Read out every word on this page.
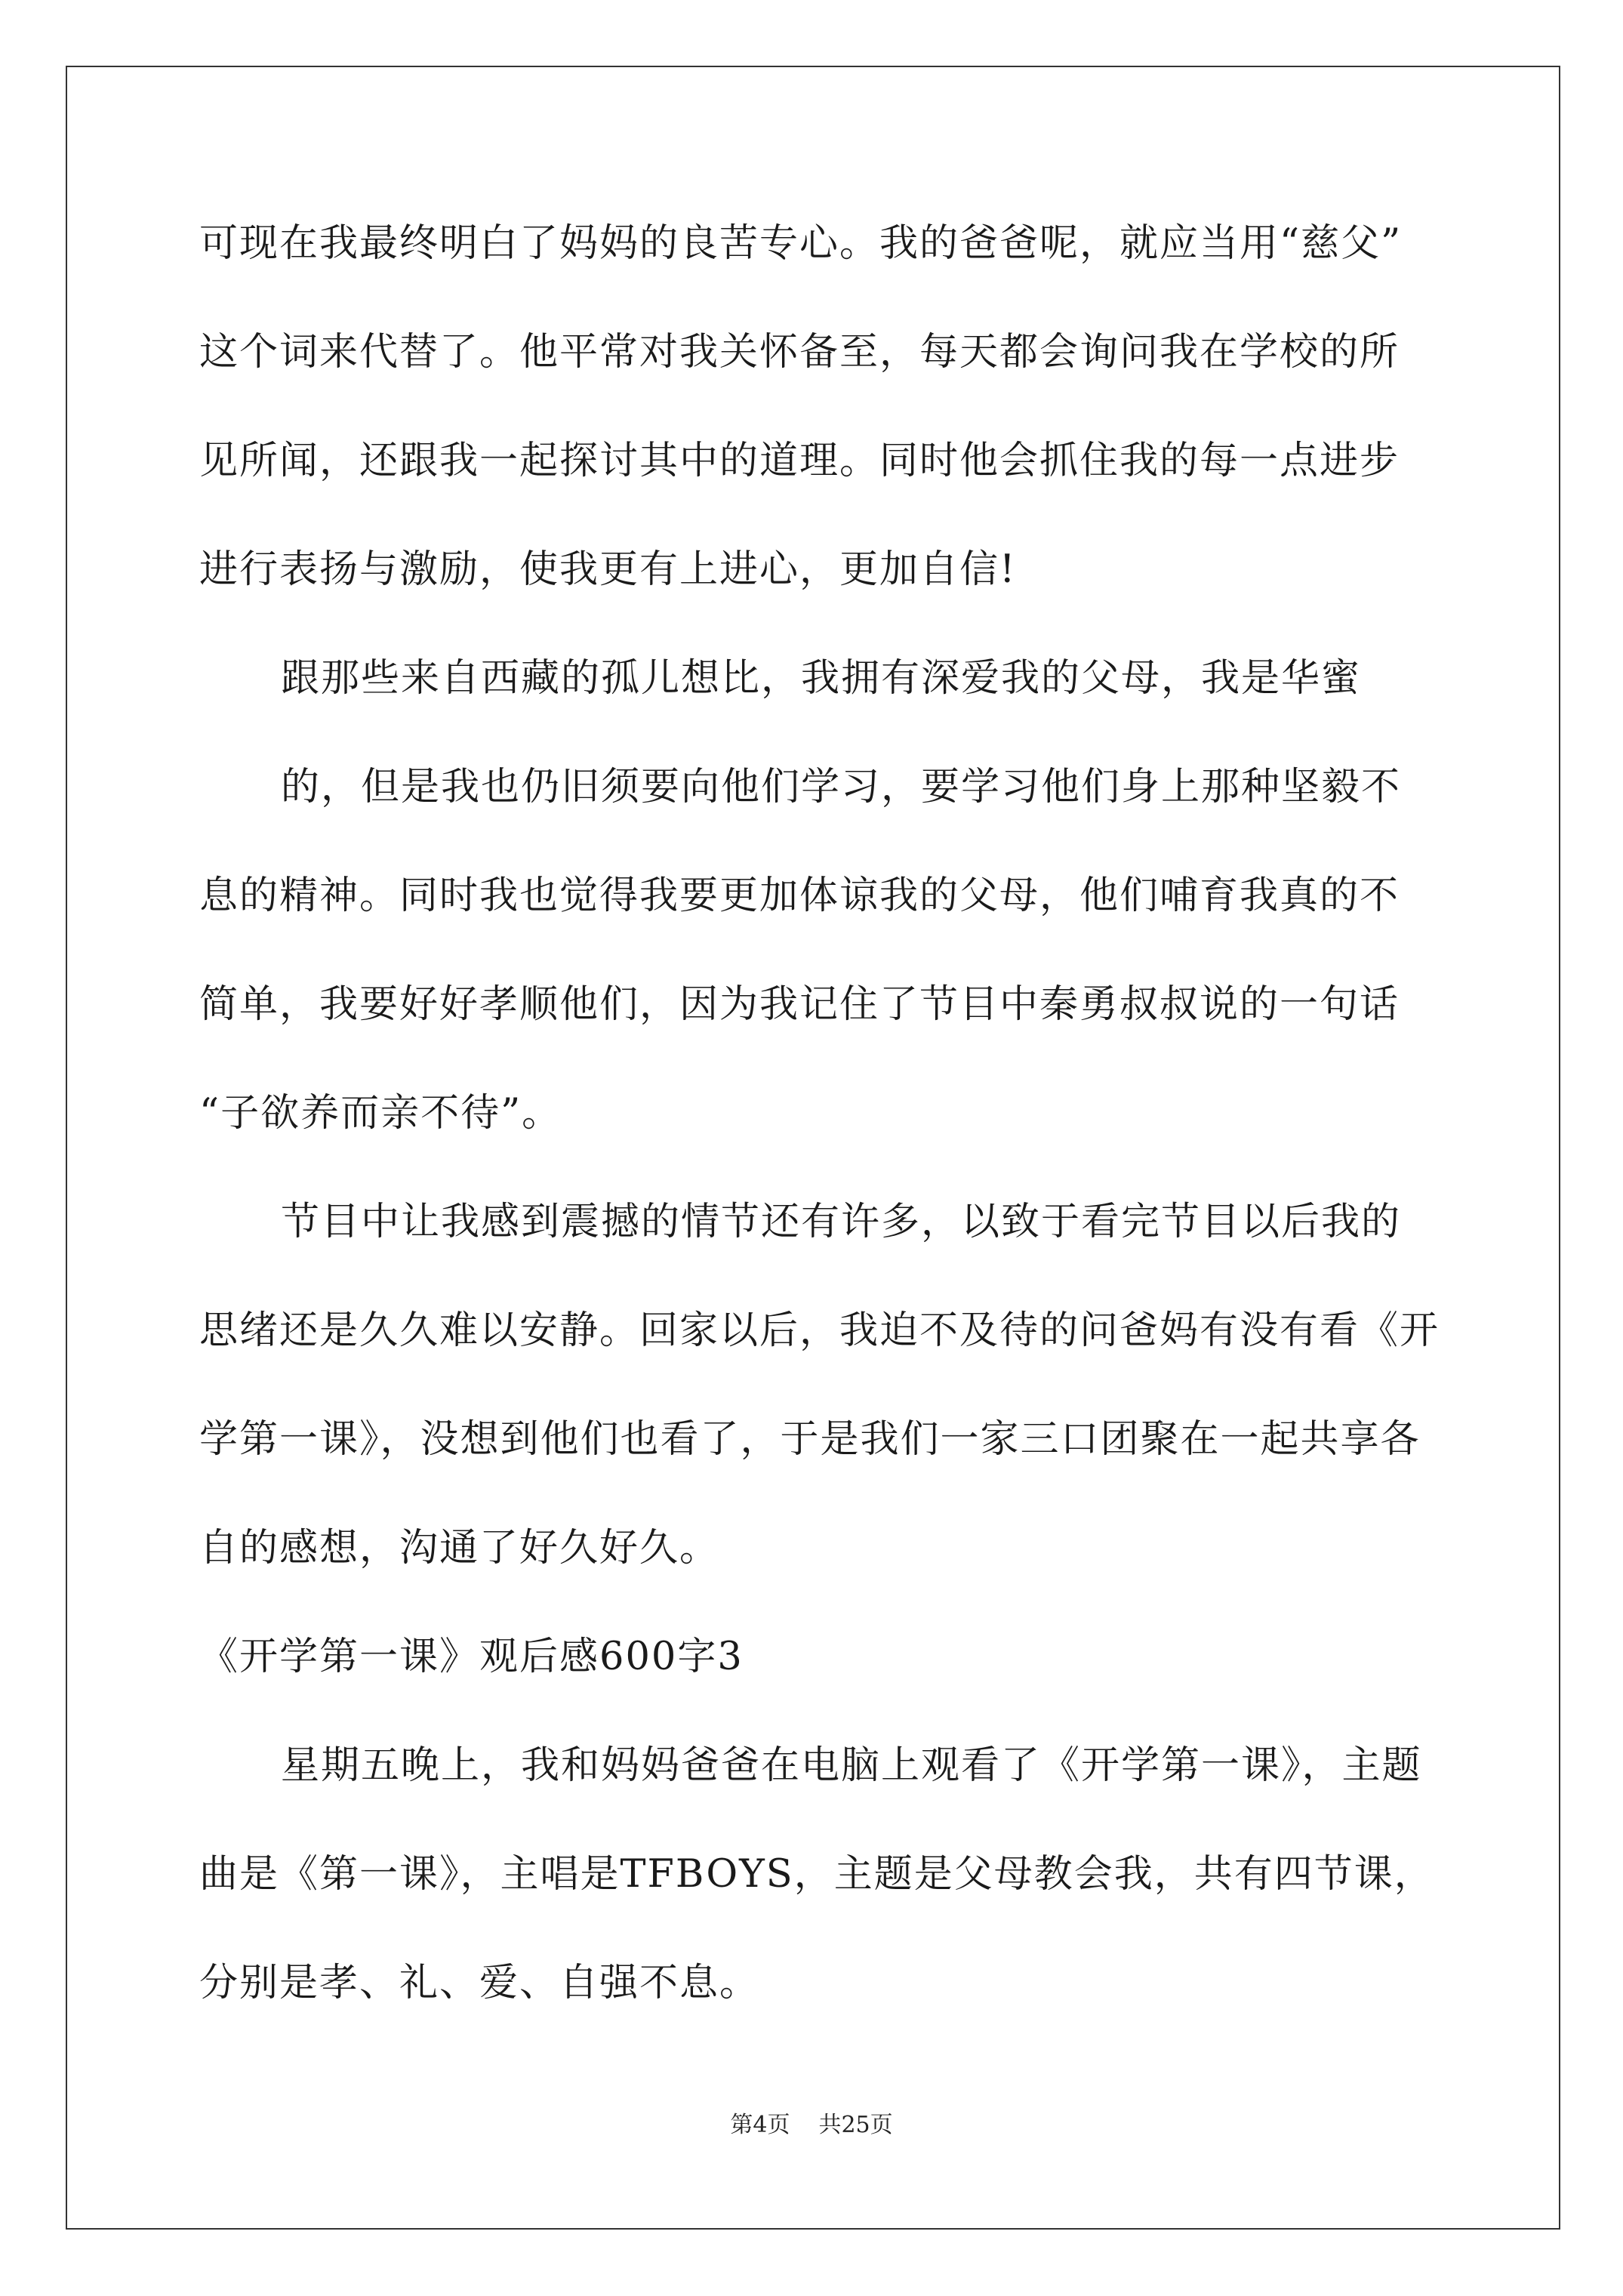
可现在我最终明白了妈妈的良苦专心。我的爸爸呢，就应当用“慈父”
这个词来代替了。他平常对我关怀备至，每天都会询问我在学校的所
见所闻，还跟我一起探讨其中的道理。同时他会抓住我的每一点进步
进行表扬与激励，使我更有上进心，更加自信!
跟那些来自西藏的孤儿想比，我拥有深爱我的父母，我是华蜜
的，但是我也仍旧须要向他们学习，要学习他们身上那种坚毅不
息的精神。同时我也觉得我要更加体谅我的父母，他们哺育我真的不
简单，我要好好孝顺他们，因为我记住了节目中秦勇叔叔说的一句话
“子欲养而亲不待”。
节目中让我感到震撼的情节还有许多，以致于看完节目以后我的
思绪还是久久难以安静。回家以后，我迫不及待的问爸妈有没有看《开
学第一课》，没想到他们也看了，于是我们一家三口团聚在一起共享各
自的感想，沟通了好久好久。
《开学第一课》观后感600字3
星期五晚上，我和妈妈爸爸在电脑上观看了《开学第一课》，主题
曲是《第一课》，主唱是TFBOYS，主题是父母教会我，共有四节课，
分别是孝、礼、爱、自强不息。
第4页 共25页
